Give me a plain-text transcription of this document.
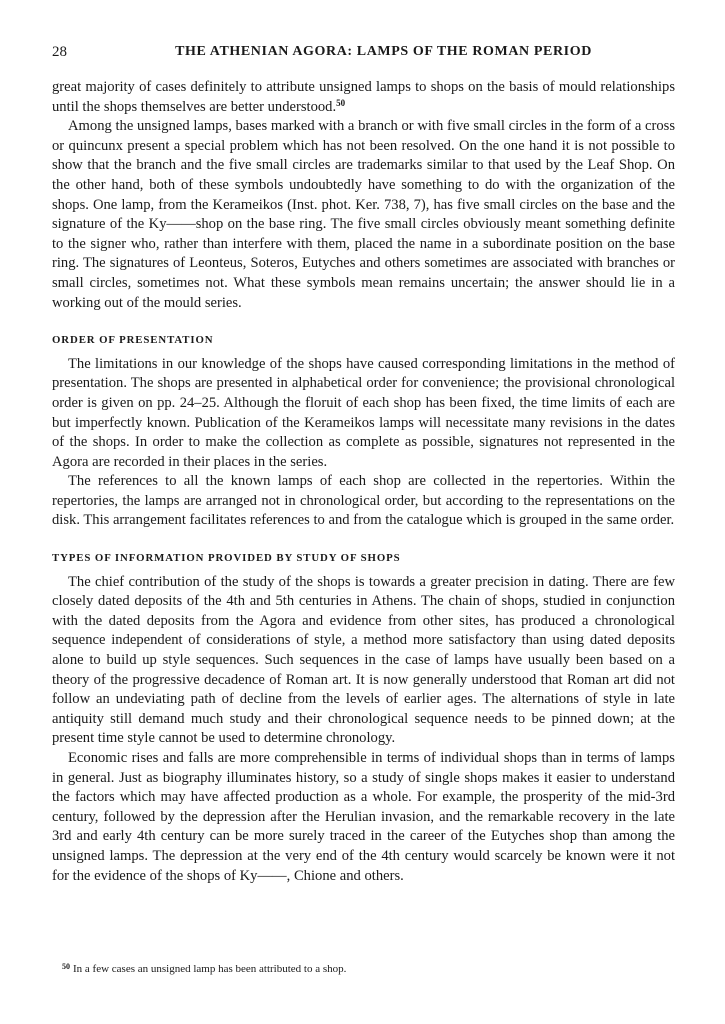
28	THE ATHENIAN AGORA: LAMPS OF THE ROMAN PERIOD

great majority of cases definitely to attribute unsigned lamps to shops on the basis of mould relationships until the shops themselves are better understood.$^{50}$

Among the unsigned lamps, bases marked with a branch or with five small circles in the form of a cross or quincunx present a special problem which has not been resolved. On the one hand it is not possible to show that the branch and the five small circles are trademarks similar to that used by the Leaf Shop. On the other hand, both of these symbols undoubtedly have something to do with the organization of the shops. One lamp, from the Kerameikos (Inst. phot. Ker. 738, 7), has five small circles on the base and the signature of the Ky——shop on the base ring. The five small circles obviously meant something definite to the signer who, rather than interfere with them, placed the name in a subordinate position on the base ring. The signatures of Leonteus, Soteros, Eutyches and others sometimes are associated with branches or small circles, sometimes not. What these symbols mean remains uncertain; the answer should lie in a working out of the mould series.

ORDER OF PRESENTATION

The limitations in our knowledge of the shops have caused corresponding limitations in the method of presentation. The shops are presented in alphabetical order for convenience; the provisional chronological order is given on pp. 24–25. Although the floruit of each shop has been fixed, the time limits of each are but imperfectly known. Publication of the Kerameikos lamps will necessitate many revisions in the dates of the shops. In order to make the collection as complete as possible, signatures not represented in the Agora are recorded in their places in the series.

The references to all the known lamps of each shop are collected in the repertories. Within the repertories, the lamps are arranged not in chronological order, but according to the representations on the disk. This arrangement facilitates references to and from the catalogue which is grouped in the same order.

TYPES OF INFORMATION PROVIDED BY STUDY OF SHOPS

The chief contribution of the study of the shops is towards a greater precision in dating. There are few closely dated deposits of the 4th and 5th centuries in Athens. The chain of shops, studied in conjunction with the dated deposits from the Agora and evidence from other sites, has produced a chronological sequence independent of considerations of style, a method more satisfactory than using dated deposits alone to build up style sequences. Such sequences in the case of lamps have usually been based on a theory of the progressive decadence of Roman art. It is now generally understood that Roman art did not follow an undeviating path of decline from the levels of earlier ages. The alternations of style in late antiquity still demand much study and their chronological sequence needs to be pinned down; at the present time style cannot be used to determine chronology.

Economic rises and falls are more comprehensible in terms of individual shops than in terms of lamps in general. Just as biography illuminates history, so a study of single shops makes it easier to understand the factors which may have affected production as a whole. For example, the prosperity of the mid-3rd century, followed by the depression after the Herulian invasion, and the remarkable recovery in the late 3rd and early 4th century can be more surely traced in the career of the Eutyches shop than among the unsigned lamps. The depression at the very end of the 4th century would scarcely be known were it not for the evidence of the shops of Ky——, Chione and others.

$^{50}$ In a few cases an unsigned lamp has been attributed to a shop.
